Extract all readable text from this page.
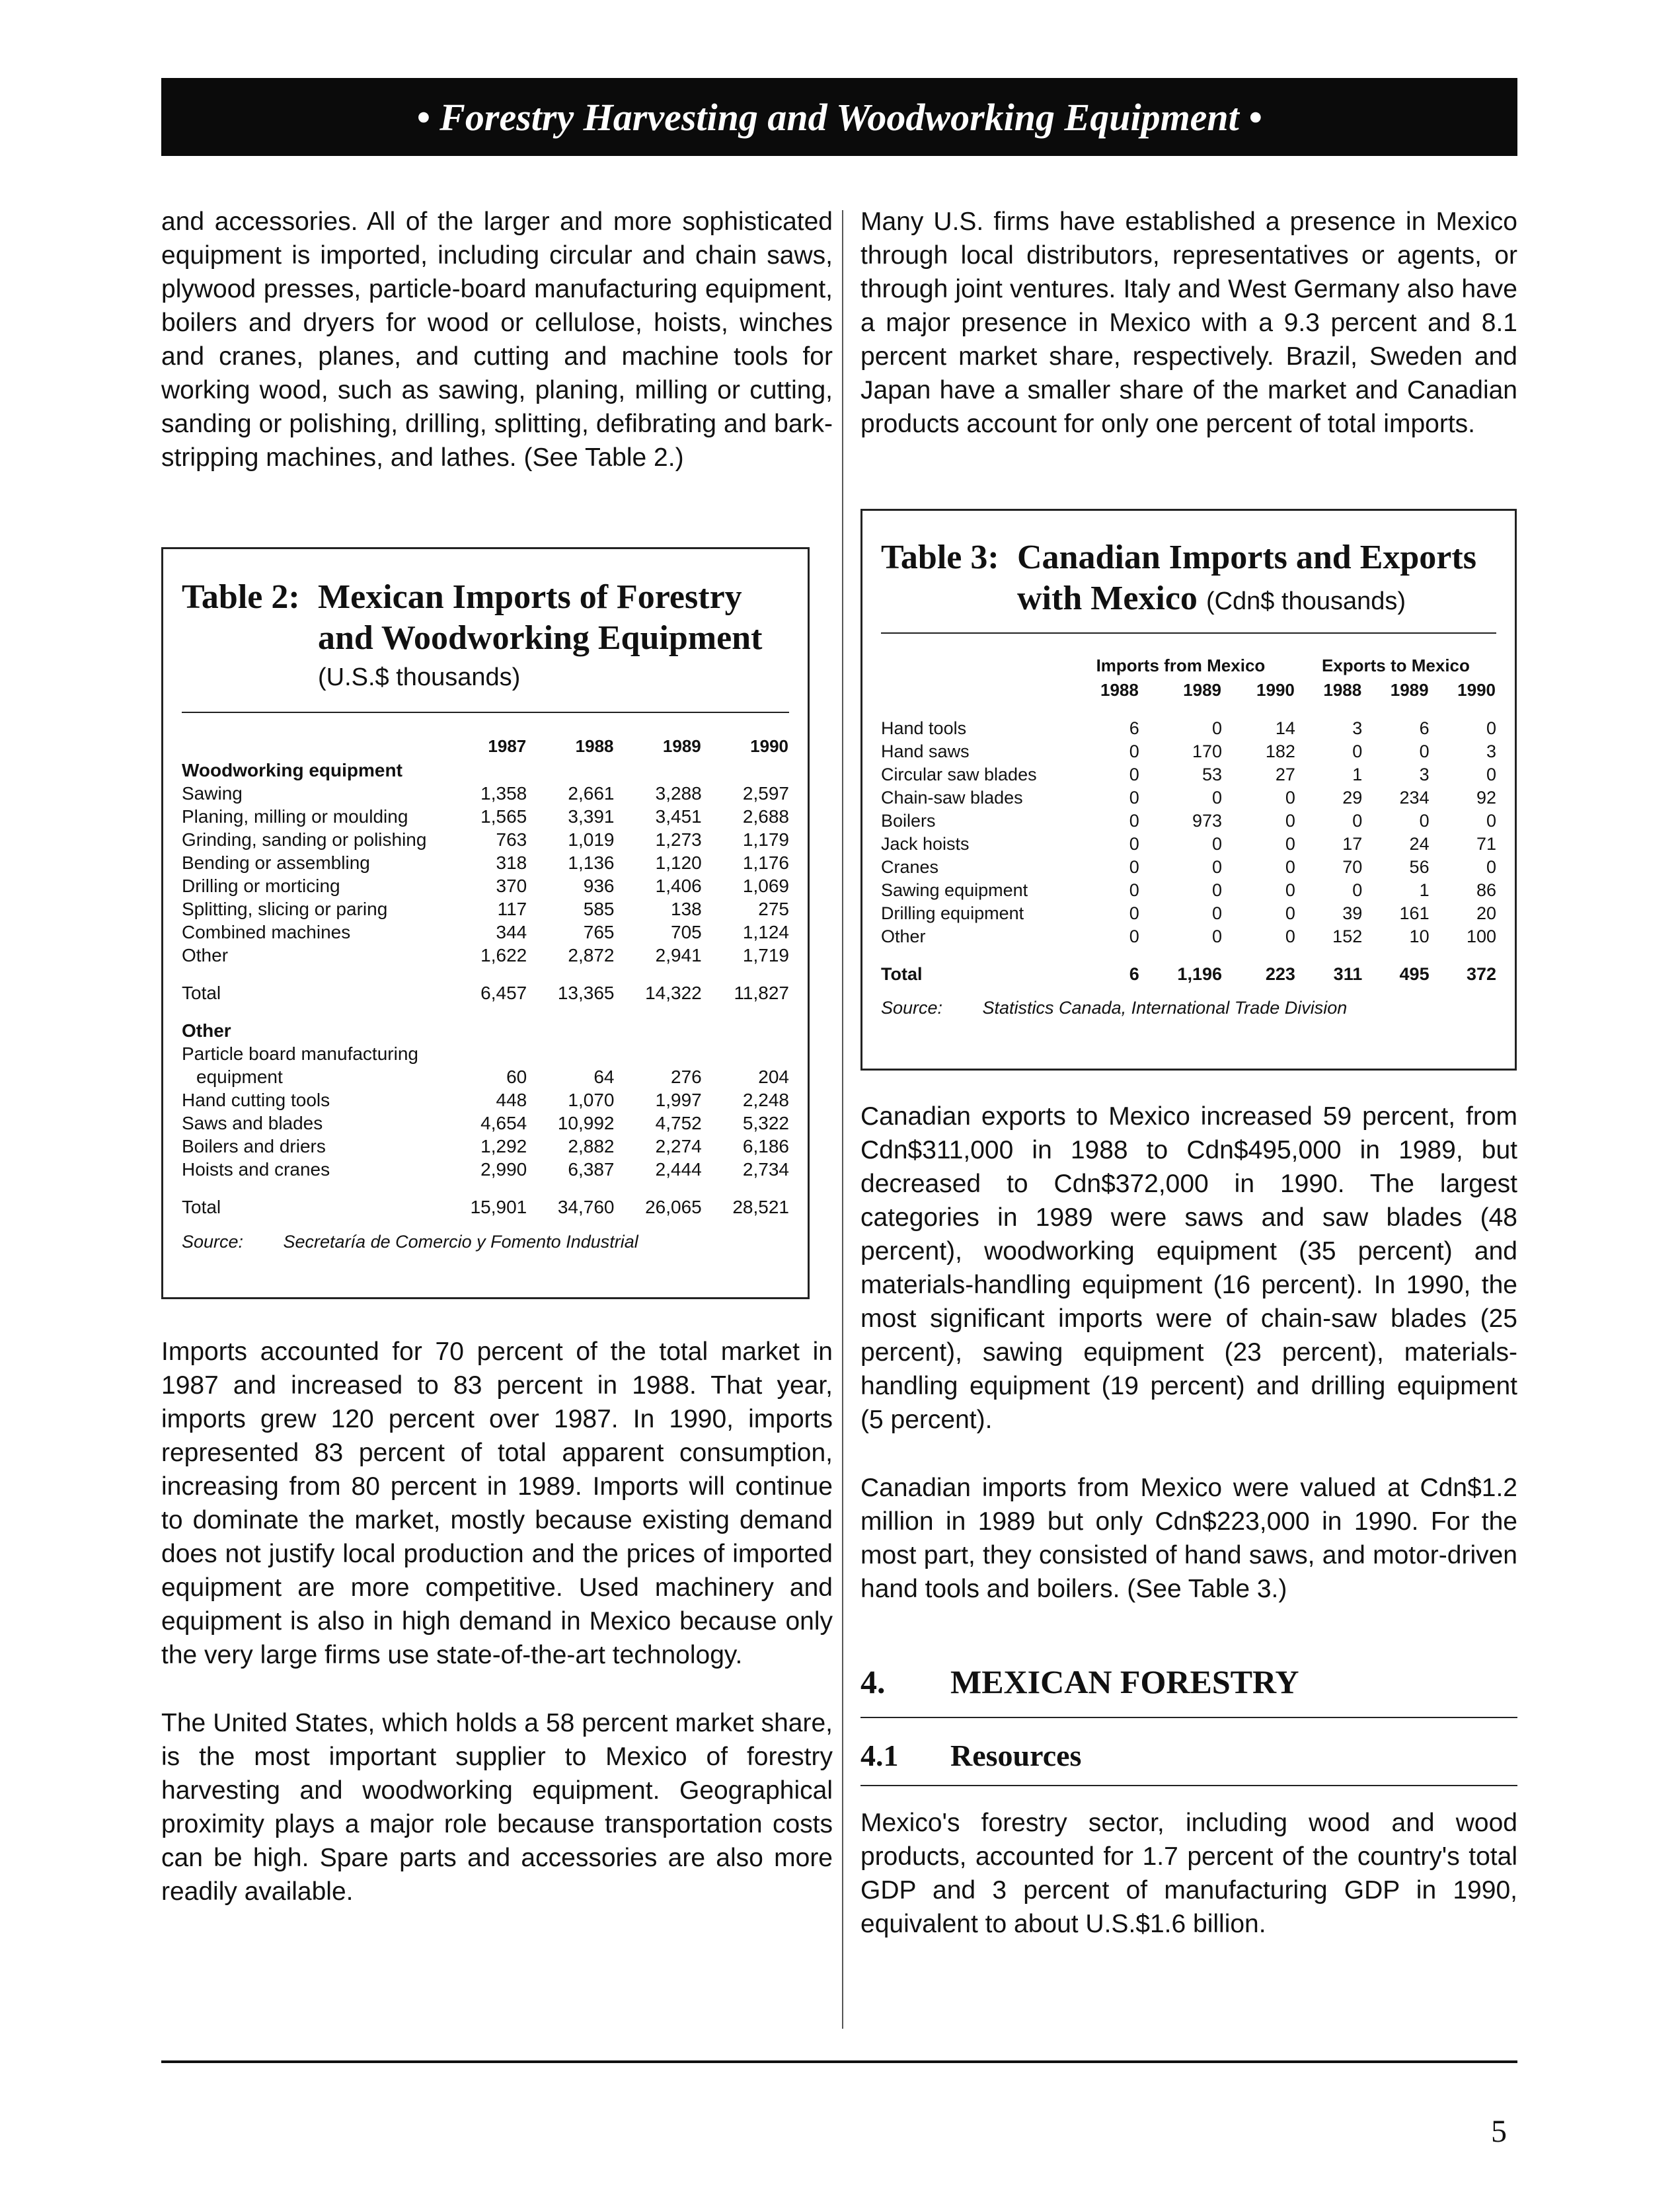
• Forestry Harvesting and Woodworking Equipment •

and accessories. All of the larger and more sophisticated equipment is imported, including circular and chain saws, plywood presses, particle-board manufacturing equipment, boilers and dryers for wood or cellulose, hoists, winches and cranes, planes, and cutting and machine tools for working wood, such as sawing, planing, milling or cutting, sanding or polishing, drilling, splitting, defibrating and bark-stripping machines, and lathes. (See Table 2.)

Table 2: Mexican Imports of Forestry
and Woodworking Equipment
(U.S.$ thousands)
	1987	1988	1989	1990
Woodworking equipment				
Sawing	1,358	2,661	3,288	2,597
Planing, milling or moulding	1,565	3,391	3,451	2,688
Grinding, sanding or polishing	763	1,019	1,273	1,179
Bending or assembling	318	1,136	1,120	1,176
Drilling or morticing	370	936	1,406	1,069
Splitting, slicing or paring	117	585	138	275
Combined machines	344	765	705	1,124
Other	1,622	2,872	2,941	1,719

Total	6,457	13,365	14,322	11,827

Other				
Particle board manufacturing				
equipment	60	64	276	204
Hand cutting tools	448	1,070	1,997	2,248
Saws and blades	4,654	10,992	4,752	5,322
Boilers and driers	1,292	2,882	2,274	6,186
Hoists and cranes	2,990	6,387	2,444	2,734

Total	15,901	34,760	26,065	28,521
Source: Secretaría de Comercio y Fomento Industrial

Imports accounted for 70 percent of the total market in 1987 and increased to 83 percent in 1988. That year, imports grew 120 percent over 1987. In 1990, imports represented 83 percent of total apparent consumption, increasing from 80 percent in 1989. Imports will continue to dominate the market, mostly because existing demand does not justify local production and the prices of imported equipment are more competitive. Used machinery and equipment is also in high demand in Mexico because only the very large firms use state-of-the-art technology.

The United States, which holds a 58 percent market share, is the most important supplier to Mexico of forestry harvesting and woodworking equipment. Geographical proximity plays a major role because transportation costs can be high. Spare parts and accessories are also more readily available.

Many U.S. firms have established a presence in Mexico through local distributors, representatives or agents, or through joint ventures. Italy and West Germany also have a major presence in Mexico with a 9.3 percent and 8.1 percent market share, respectively. Brazil, Sweden and Japan have a smaller share of the market and Canadian products account for only one percent of total imports.

Table 3: Canadian Imports and Exports
with Mexico (Cdn$ thousands)
	Imports from Mexico			Exports to Mexico		
	1988	1989	1990	1988	1989	1990

Hand tools	6	0	14	3	6	0
Hand saws	0	170	182	0	0	3
Circular saw blades	0	53	27	1	3	0
Chain-saw blades	0	0	0	29	234	92
Boilers	0	973	0	0	0	0
Jack hoists	0	0	0	17	24	71
Cranes	0	0	0	70	56	0
Sawing equipment	0	0	0	0	1	86
Drilling equipment	0	0	0	39	161	20
Other	0	0	0	152	10	100

Total	6	1,196	223	311	495	372
Source: Statistics Canada, International Trade Division

Canadian exports to Mexico increased 59 percent, from Cdn$311,000 in 1988 to Cdn$495,000 in 1989, but decreased to Cdn$372,000 in 1990. The largest categories in 1989 were saws and saw blades (48 percent), woodworking equipment (35 percent) and materials-handling equipment (16 percent). In 1990, the most significant imports were of chain-saw blades (25 percent), sawing equipment (23 percent), materials-handling equipment (19 percent) and drilling equipment (5 percent).

Canadian imports from Mexico were valued at Cdn$1.2 million in 1989 but only Cdn$223,000 in 1990. For the most part, they consisted of hand saws, and motor-driven hand tools and boilers. (See Table 3.)

4.	MEXICAN FORESTRY
4.1	Resources

Mexico's forestry sector, including wood and wood products, accounted for 1.7 percent of the country's total GDP and 3 percent of manufacturing GDP in 1990, equivalent to about U.S.$1.6 billion.

5
